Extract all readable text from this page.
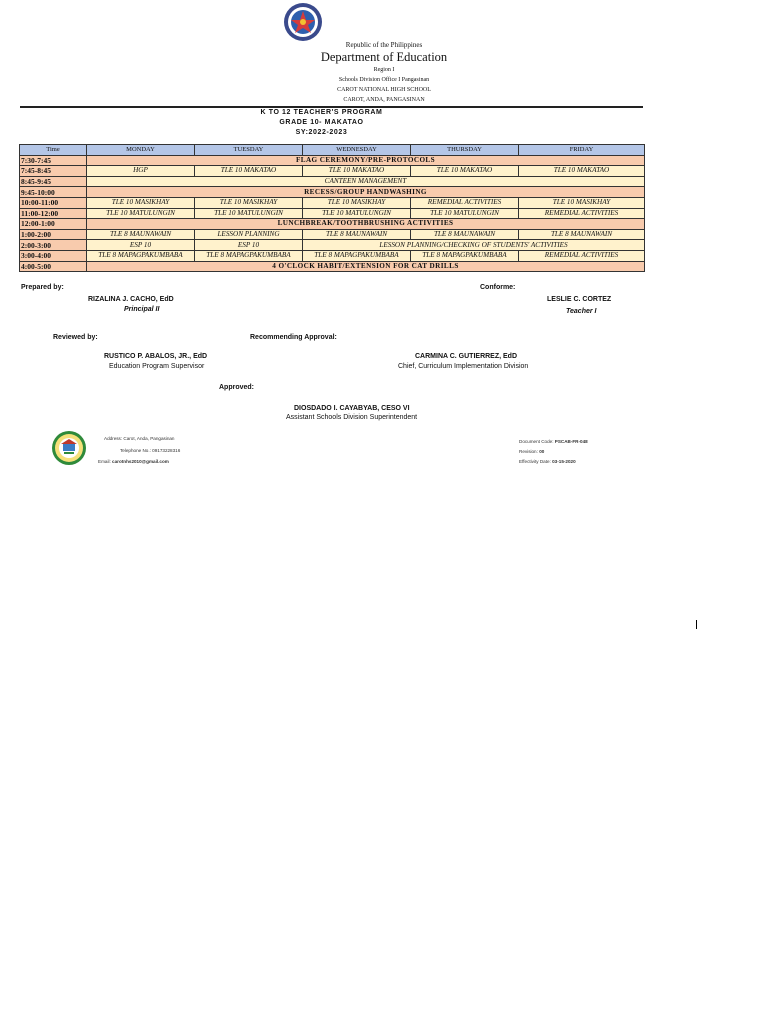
Republic of the Philippines
Department of Education
Region I
Schools Division Office I Pangasinan
CAROT NATIONAL HIGH SCHOOL
CAROT, ANDA, PANGASINAN
K TO 12 TEACHER'S PROGRAM
GRADE 10- MAKATAO
SY:2022-2023
Time	MONDAY	TUESDAY	WEDNESDAY	THURSDAY	FRIDAY
7:30-7:45	FLAG CEREMONY/PRE-PROTOCOLS				
7:45-8:45	HGP	TLE 10 MAKATAO	TLE 10 MAKATAO	TLE 10 MAKATAO	TLE 10 MAKATAO
8:45-9:45	CANTEEN MANAGEMENT				
9:45-10:00	RECESS/GROUP HANDWASHING				
10:00-11:00	TLE 10 MASIKHAY	TLE 10 MASIKHAY	TLE 10 MASIKHAY	REMEDIAL ACTIVITIES	TLE 10 MASIKHAY
11:00-12:00	TLE 10 MATULUNGIN	TLE 10 MATULUNGIN	TLE 10 MATULUNGIN	TLE 10 MATULUNGIN	REMEDIAL ACTIVITIES
12:00-1:00	LUNCHBREAK/TOOTHBRUSHING ACTIVITIES				
1:00-2:00	TLE 8 MAUNAWAIN	LESSON PLANNING	TLE 8 MAUNAWAIN	TLE 8 MAUNAWAIN	TLE 8 MAUNAWAIN
2:00-3:00	ESP 10	ESP 10	LESSON PLANNING/CHECKING OF STUDENTS' ACTIVITIES		
3:00-4:00	TLE 8 MAPAGPAKUMBABA	TLE 8 MAPAGPAKUMBABA	TLE 8 MAPAGPAKUMBABA	TLE 8 MAPAGPAKUMBABA	REMEDIAL ACTIVITIES
4:00-5:00	4 O'CLOCK HABIT/EXTENSION FOR CAT DRILLS				
Prepared by:
RIZALINA J. CACHO, EdD
Principal II
Conforme:
LESLIE C. CORTEZ
Teacher I
Reviewed by:	Recommending Approval:
RUSTICO P. ABALOS, JR., EdD
Education Program Supervisor
CARMINA C. GUTIERREZ, EdD
Chief, Curriculum Implementation Division
Approved:
DIOSDADO I. CAYABYAB, CESO VI
Assistant Schools Division Superintendent
Address: Carot, Anda, Pangasinan
Telephone No.: 09173228316
Email: carotnhs2010@gmail.com
Document Code: PSCAB-FR-048
Revision: 00
Effectivity Date: 03-15-2020
